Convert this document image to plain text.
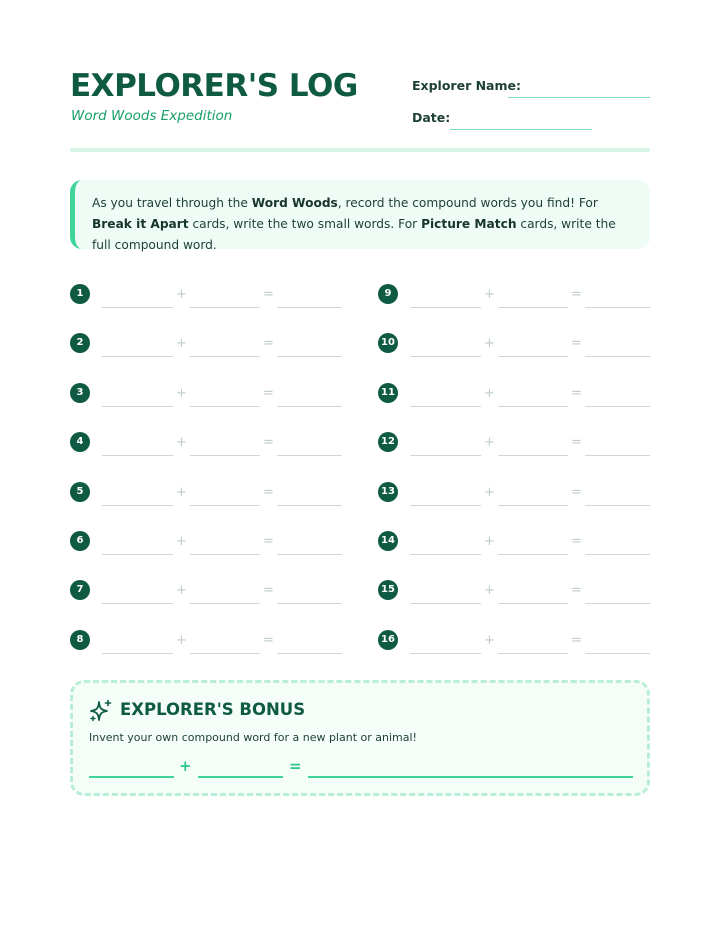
EXPLORER'S LOG
Word Woods Expedition
Explorer Name:
Date:
As you travel through the Word Woods, record the compound words you find! For Break it Apart cards, write the two small words. For Picture Match cards, write the full compound word.
1	+	=
2	+	=
3	+	=
4	+	=
5	+	=
6	+	=
7	+	=
8	+	=
9	+	=
10	+	=
11	+	=
12	+	=
13	+	=
14	+	=
15	+	=
16	+	=
EXPLORER'S BONUS
Invent your own compound word for a new plant or animal!
+	=
